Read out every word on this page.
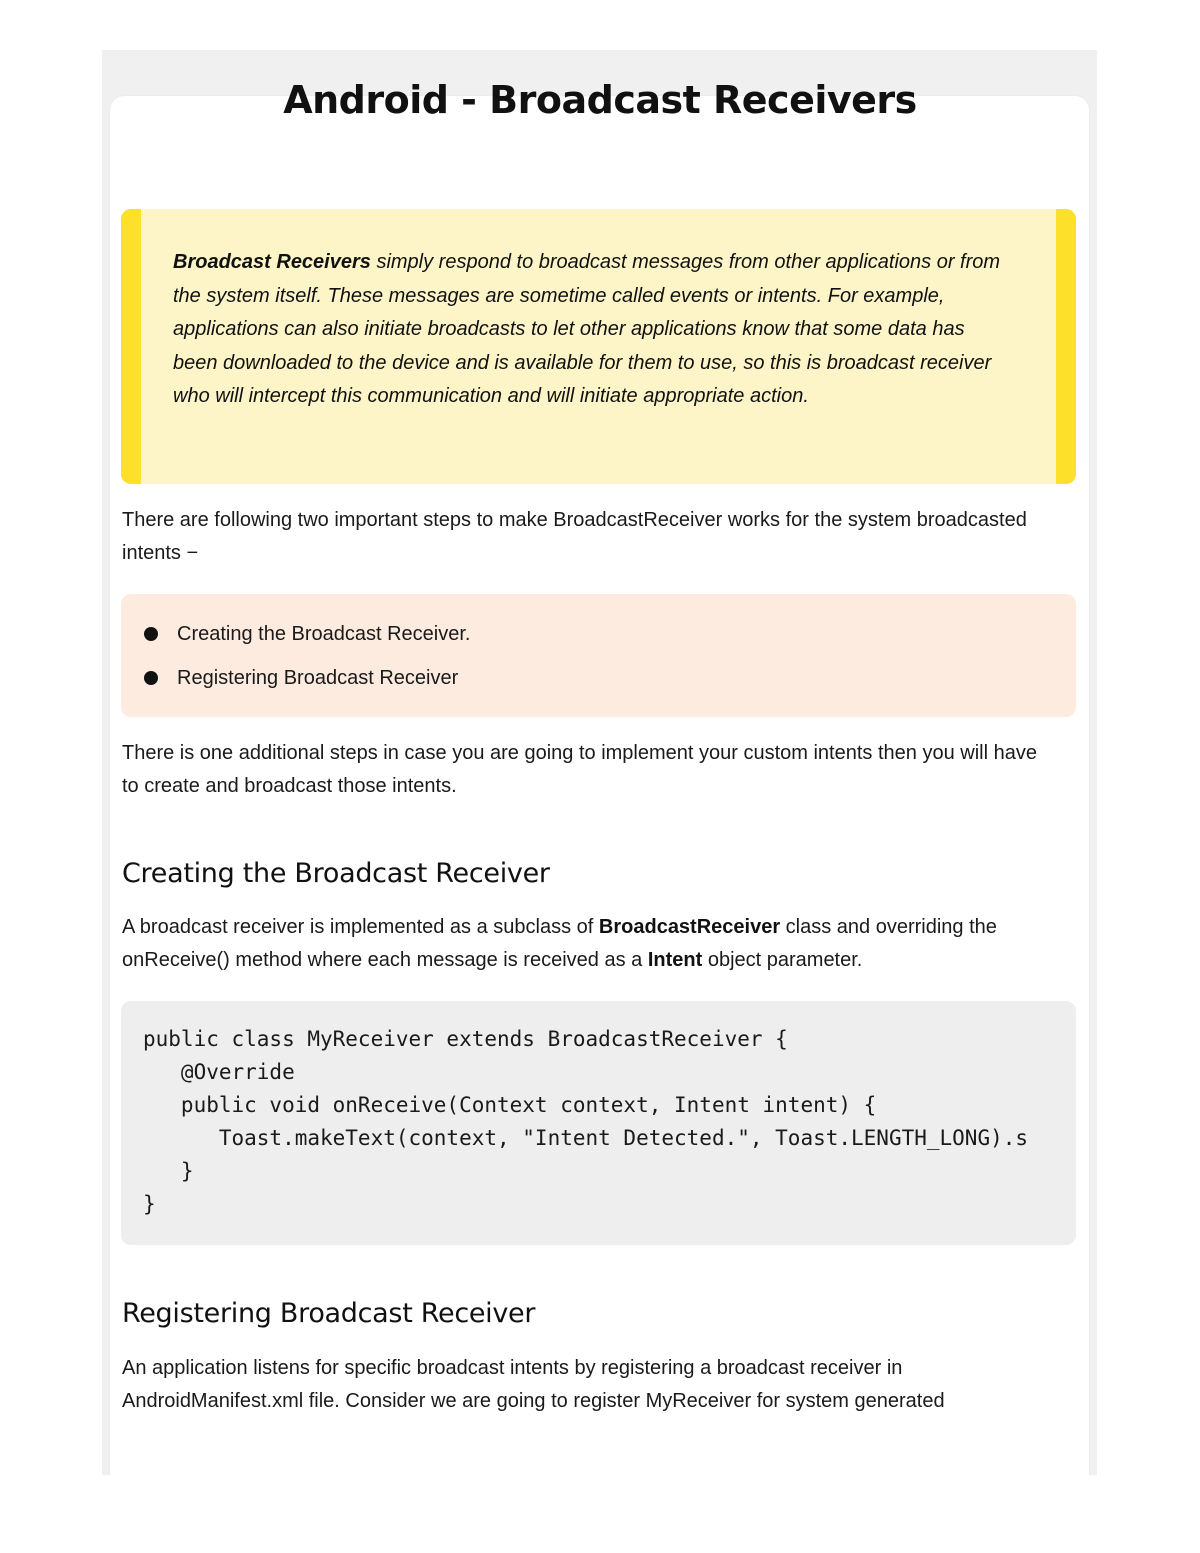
Android - Broadcast Receivers
Broadcast Receivers simply respond to broadcast messages from other applications or from the system itself. These messages are sometime called events or intents. For example, applications can also initiate broadcasts to let other applications know that some data has been downloaded to the device and is available for them to use, so this is broadcast receiver who will intercept this communication and will initiate appropriate action.

There are following two important steps to make BroadcastReceiver works for the system broadcasted intents −

Creating the Broadcast Receiver.
Registering Broadcast Receiver

There is one additional steps in case you are going to implement your custom intents then you will have to create and broadcast those intents.

Creating the Broadcast Receiver

A broadcast receiver is implemented as a subclass of BroadcastReceiver class and overriding the onReceive() method where each message is received as a Intent object parameter.

public class MyReceiver extends BroadcastReceiver {
@Override
public void onReceive(Context context, Intent intent) {
Toast.makeText(context, "Intent Detected.", Toast.LENGTH_LONG).s
}
}
Registering Broadcast Receiver

An application listens for specific broadcast intents by registering a broadcast receiver in AndroidManifest.xml file. Consider we are going to register MyReceiver for system generated
